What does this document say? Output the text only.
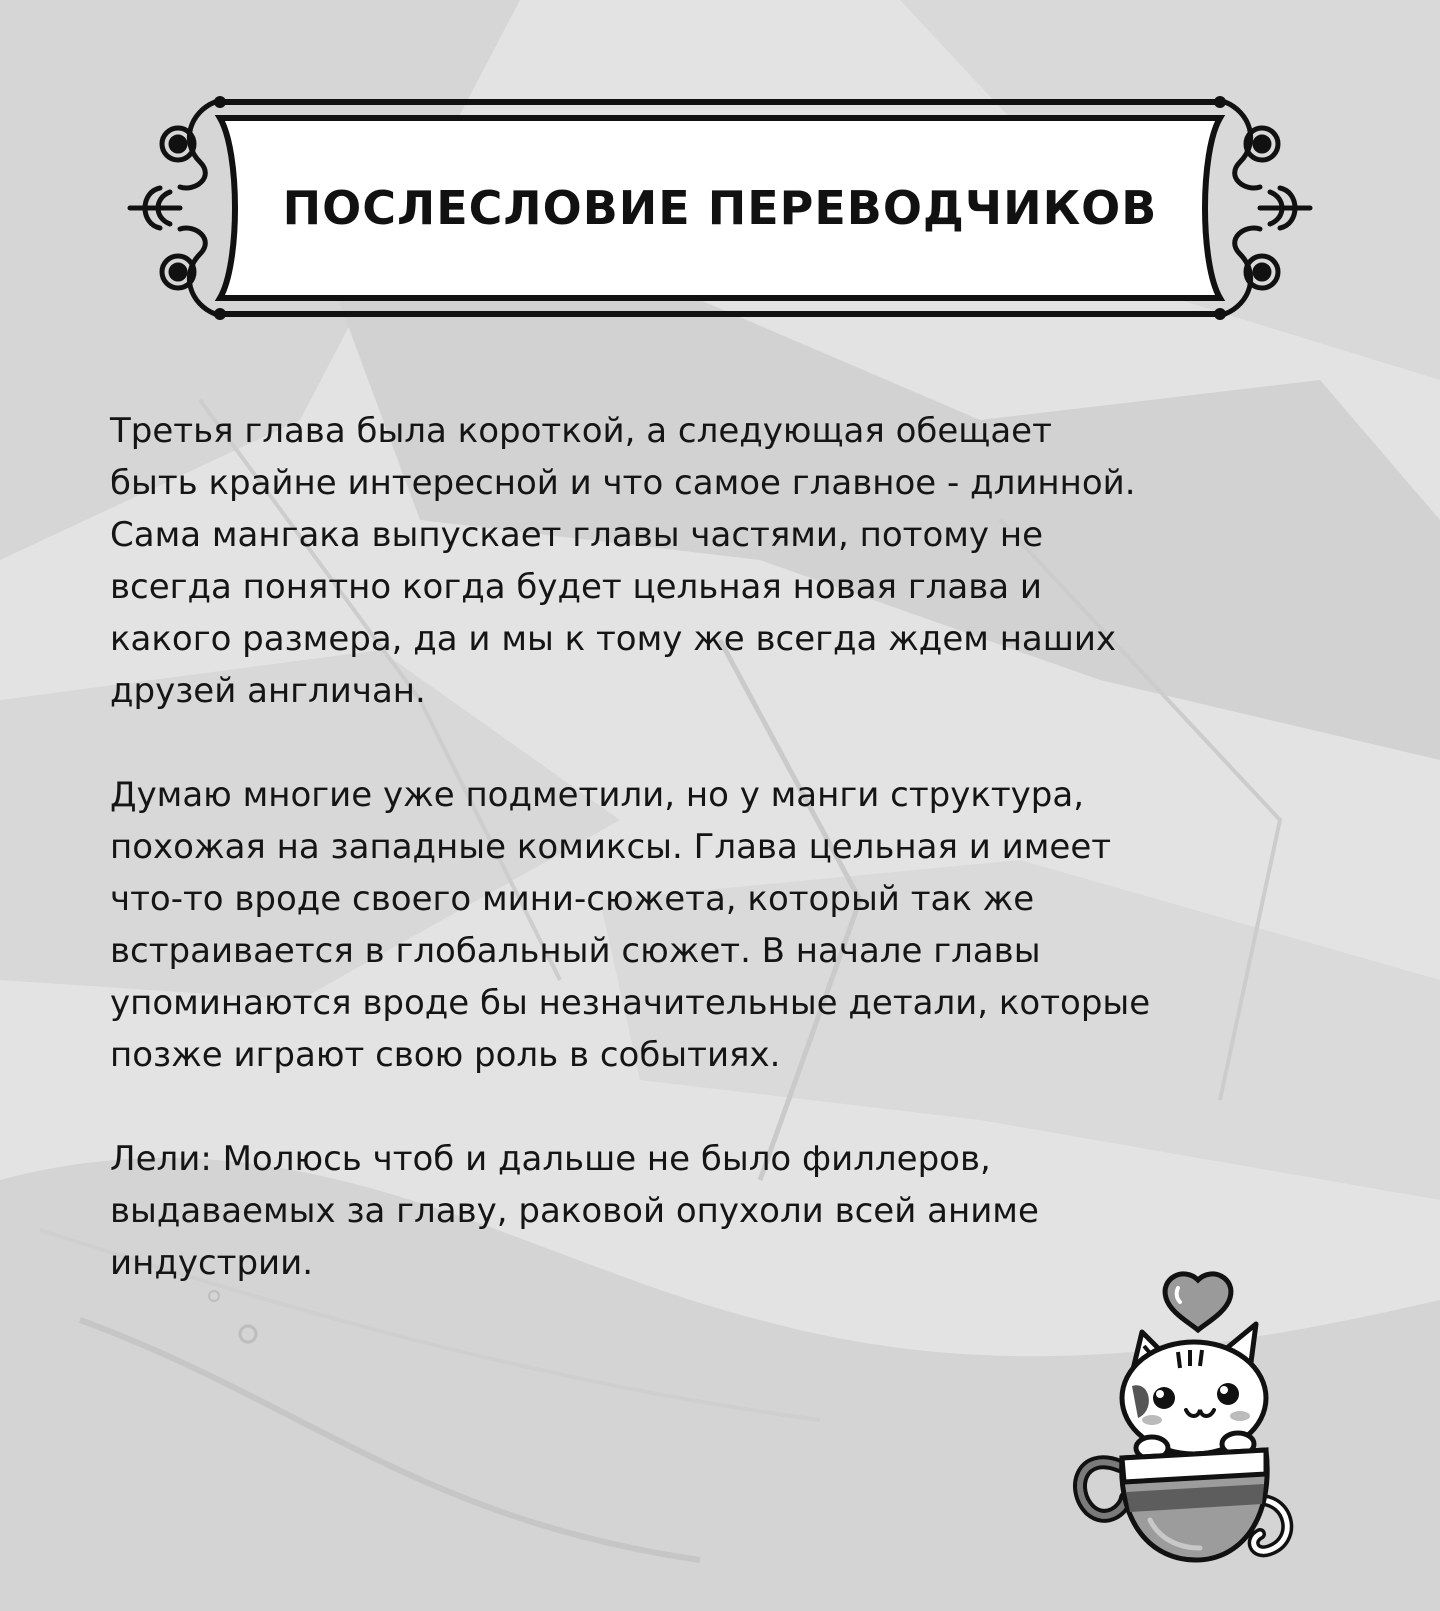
ПОСЛЕСЛОВИЕ ПЕРЕВОДЧИКОВ

Третья глава была короткой, а следующая обещает
быть крайне интересной и что самое главное - длинной.
Сама мангака выпускает главы частями, потому не
всегда понятно когда будет цельная новая глава и
какого размера, да и мы к тому же всегда ждем наших
друзей англичан.

Думаю многие уже подметили, но у манги структура,
похожая на западные комиксы. Глава цельная и имеет
что-то вроде своего мини-сюжета, который так же
встраивается в глобальный сюжет. В начале главы
упоминаются вроде бы незначительные детали, которые
позже играют свою роль в событиях.

Лели: Молюсь чтоб и дальше не было филлеров,
выдаваемых за главу, раковой опухоли всей аниме
индустрии.
